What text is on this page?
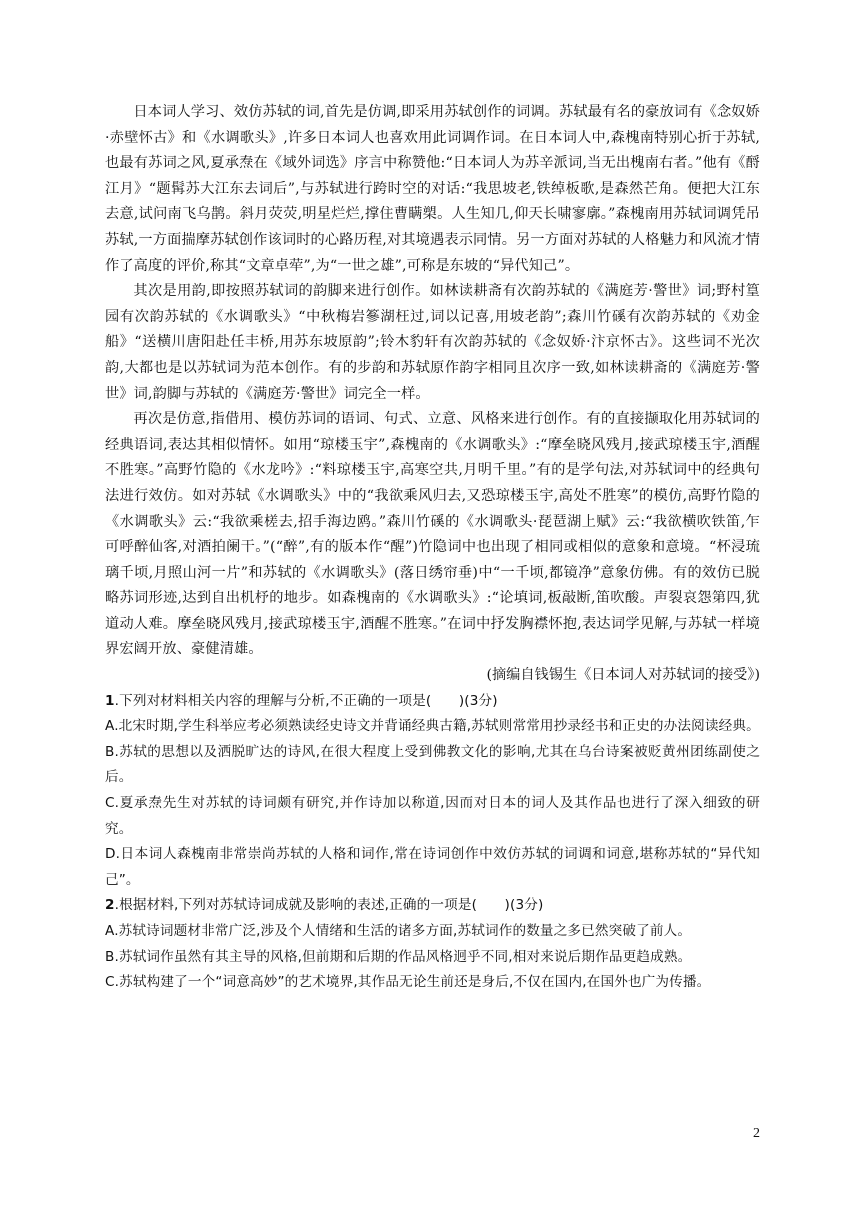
日本词人学习、效仿苏轼的词,首先是仿调,即采用苏轼创作的词调。苏轼最有名的豪放词有《念奴娇·赤壁怀古》和《水调歌头》,许多日本词人也喜欢用此词调作词。在日本词人中,森槐南特别心折于苏轼,也最有苏词之风,夏承焘在《域外词选》序言中称赞他:“日本词人为苏辛派词,当无出槐南右者。”他有《酹江月》“题髯苏大江东去词后”,与苏轼进行跨时空的对话:“我思坡老,铁绰板歌,是森然芒角。便把大江东去意,试问南飞乌鹊。斜月荧荧,明星烂烂,撑住曹瞒槊。人生知几,仰天长啸寥廓。”森槐南用苏轼词调凭吊苏轼,一方面揣摩苏轼创作该词时的心路历程,对其境遇表示同情。另一方面对苏轼的人格魅力和风流才情作了高度的评价,称其“文章卓荦”,为“一世之雄”,可称是东坡的“异代知己”。

其次是用韵,即按照苏轼词的韵脚来进行创作。如林读耕斋有次韵苏轼的《满庭芳·警世》词;野村篁园有次韵苏轼的《水调歌头》“中秋梅岩篸湖枉过,词以记喜,用坡老韵”;森川竹磎有次韵苏轼的《劝金船》“送横川唐阳赴任丰桥,用苏东坡原韵”;铃木豹轩有次韵苏轼的《念奴娇·汴京怀古》。这些词不光次韵,大都也是以苏轼词为范本创作。有的步韵和苏轼原作韵字相同且次序一致,如林读耕斋的《满庭芳·警世》词,韵脚与苏轼的《满庭芳·警世》词完全一样。

再次是仿意,指借用、模仿苏词的语词、句式、立意、风格来进行创作。有的直接撷取化用苏轼词的经典语词,表达其相似情怀。如用“琼楼玉宇”,森槐南的《水调歌头》:“摩垒晓风残月,接武琼楼玉宇,酒醒不胜寒。”高野竹隐的《水龙吟》:“料琼楼玉宇,高寒空共,月明千里。”有的是学句法,对苏轼词中的经典句法进行效仿。如对苏轼《水调歌头》中的“我欲乘风归去,又恐琼楼玉宇,高处不胜寒”的模仿,高野竹隐的《水调歌头》云:“我欲乘槎去,招手海边鸥。”森川竹磎的《水调歌头·琵琶湖上赋》云:“我欲横吹铁笛,乍可呼醉仙客,对酒拍阑干。”(“醉”,有的版本作“醒”)竹隐词中也出现了相同或相似的意象和意境。“杯浸琉璃千顷,月照山河一片”和苏轼的《水调歌头》(落日绣帘垂)中“一千顷,都镜净”意象仿佛。有的效仿已脱略苏词形迹,达到自出机杼的地步。如森槐南的《水调歌头》:“论填词,板敲断,笛吹酸。声裂哀怨第四,犹道动人难。摩垒晓风残月,接武琼楼玉宇,酒醒不胜寒。”在词中抒发胸襟怀抱,表达词学见解,与苏轼一样境界宏阔开放、豪健清雄。

(摘编自钱锡生《日本词人对苏轼词的接受》)

1.下列对材料相关内容的理解与分析,不正确的一项是(　　)(3分)

A.北宋时期,学生科举应考必须熟读经史诗文并背诵经典古籍,苏轼则常常用抄录经书和正史的办法阅读经典。

B.苏轼的思想以及洒脱旷达的诗风,在很大程度上受到佛教文化的影响,尤其在乌台诗案被贬黄州团练副使之后。

C.夏承焘先生对苏轼的诗词颇有研究,并作诗加以称道,因而对日本的词人及其作品也进行了深入细致的研究。

D.日本词人森槐南非常崇尚苏轼的人格和词作,常在诗词创作中效仿苏轼的词调和词意,堪称苏轼的“异代知己”。

2.根据材料,下列对苏轼诗词成就及影响的表述,正确的一项是(　　)(3分)

A.苏轼诗词题材非常广泛,涉及个人情绪和生活的诸多方面,苏轼词作的数量之多已然突破了前人。

B.苏轼词作虽然有其主导的风格,但前期和后期的作品风格迥乎不同,相对来说后期作品更趋成熟。

C.苏轼构建了一个“词意高妙”的艺术境界,其作品无论生前还是身后,不仅在国内,在国外也广为传播。

2
